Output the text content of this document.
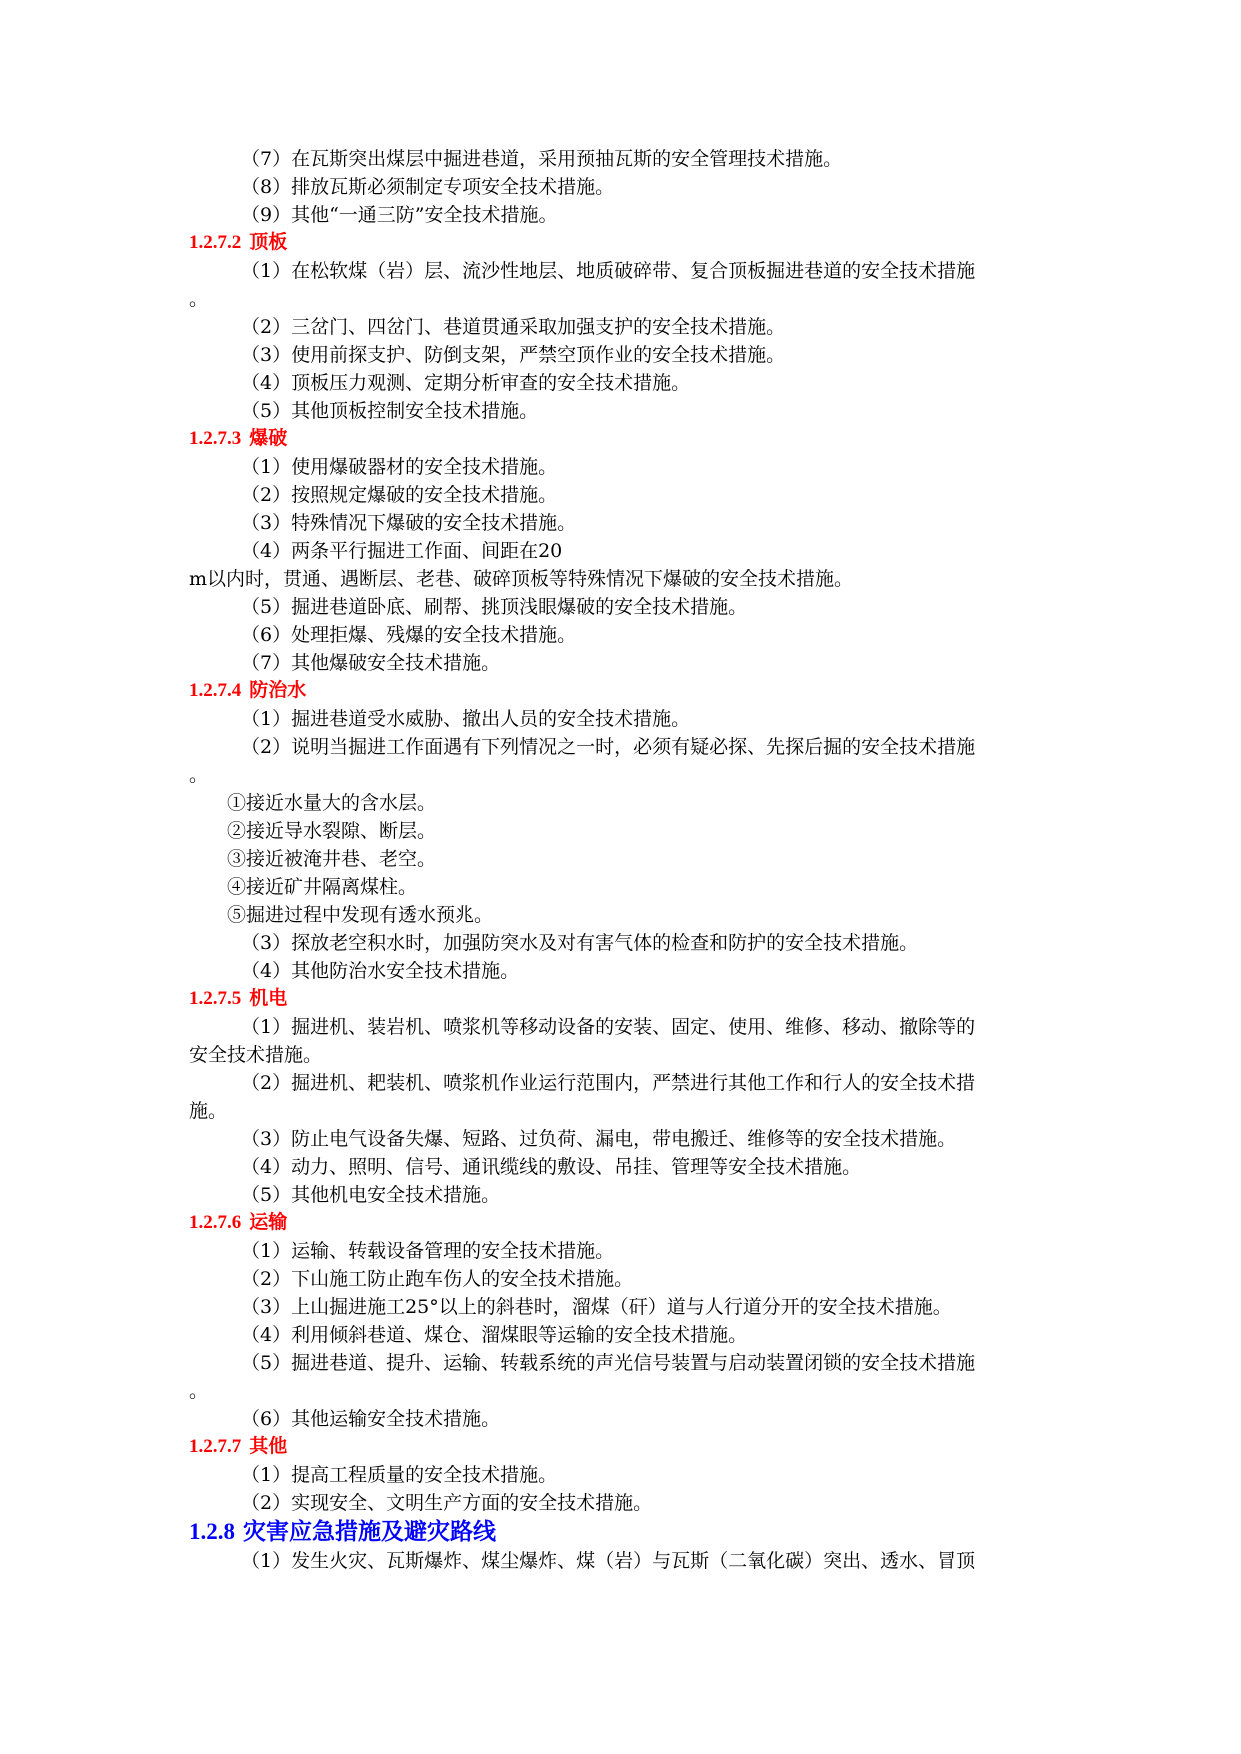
（7）在瓦斯突出煤层中掘进巷道，采用预抽瓦斯的安全管理技术措施。
（8）排放瓦斯必须制定专项安全技术措施。
（9）其他“一通三防”安全技术措施。
1.2.7.2 顶板
（1）在松软煤（岩）层、流沙性地层、地质破碎带、复合顶板掘进巷道的安全技术措施
。
（2）三岔门、四岔门、巷道贯通采取加强支护的安全技术措施。
（3）使用前探支护、防倒支架，严禁空顶作业的安全技术措施。
（4）顶板压力观测、定期分析审查的安全技术措施。
（5）其他顶板控制安全技术措施。
1.2.7.3 爆破
（1）使用爆破器材的安全技术措施。
（2）按照规定爆破的安全技术措施。
（3）特殊情况下爆破的安全技术措施。
（4）两条平行掘进工作面、间距在20
m以内时，贯通、遇断层、老巷、破碎顶板等特殊情况下爆破的安全技术措施。
（5）掘进巷道卧底、刷帮、挑顶浅眼爆破的安全技术措施。
（6）处理拒爆、残爆的安全技术措施。
（7）其他爆破安全技术措施。
1.2.7.4 防治水
（1）掘进巷道受水威胁、撤出人员的安全技术措施。
（2）说明当掘进工作面遇有下列情况之一时，必须有疑必探、先探后掘的安全技术措施
。
①接近水量大的含水层。
②接近导水裂隙、断层。
③接近被淹井巷、老空。
④接近矿井隔离煤柱。
⑤掘进过程中发现有透水预兆。
（3）探放老空积水时，加强防突水及对有害气体的检查和防护的安全技术措施。
（4）其他防治水安全技术措施。
1.2.7.5 机电
（1）掘进机、装岩机、喷浆机等移动设备的安装、固定、使用、维修、移动、撤除等的
安全技术措施。
（2）掘进机、耙装机、喷浆机作业运行范围内，严禁进行其他工作和行人的安全技术措
施。
（3）防止电气设备失爆、短路、过负荷、漏电，带电搬迁、维修等的安全技术措施。
（4）动力、照明、信号、通讯缆线的敷设、吊挂、管理等安全技术措施。
（5）其他机电安全技术措施。
1.2.7.6 运输
（1）运输、转载设备管理的安全技术措施。
（2）下山施工防止跑车伤人的安全技术措施。
（3）上山掘进施工25°以上的斜巷时，溜煤（矸）道与人行道分开的安全技术措施。
（4）利用倾斜巷道、煤仓、溜煤眼等运输的安全技术措施。
（5）掘进巷道、提升、运输、转载系统的声光信号装置与启动装置闭锁的安全技术措施
。
（6）其他运输安全技术措施。
1.2.7.7 其他
（1）提高工程质量的安全技术措施。
（2）实现安全、文明生产方面的安全技术措施。
1.2.8 灾害应急措施及避灾路线
（1）发生火灾、瓦斯爆炸、煤尘爆炸、煤（岩）与瓦斯（二氧化碳）突出、透水、冒顶
